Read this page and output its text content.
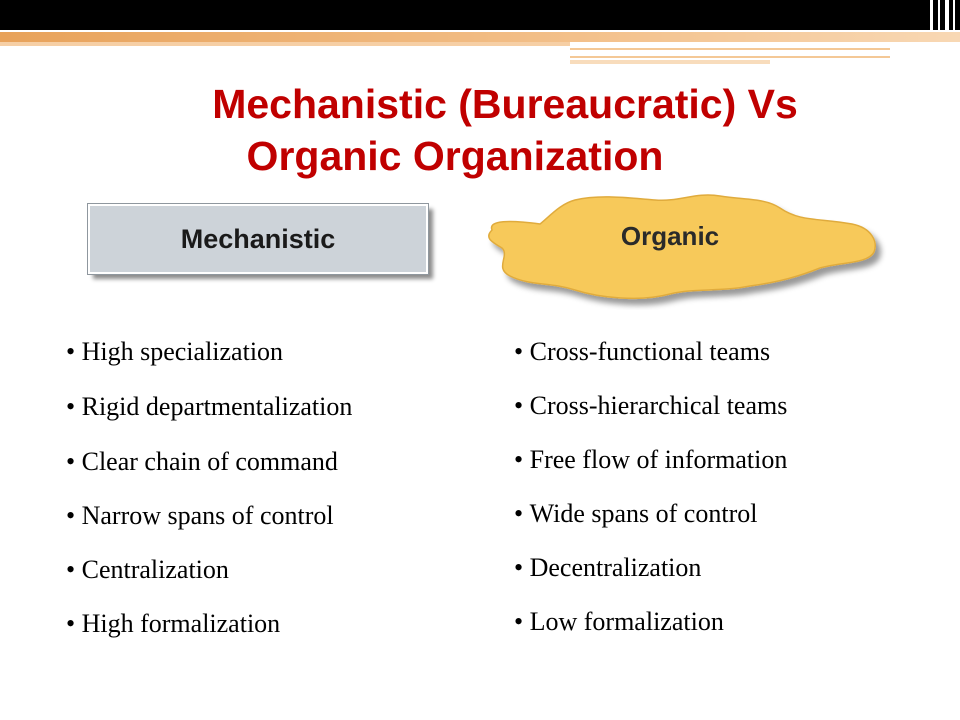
Mechanistic (Bureaucratic) Vs
Organic Organization
Mechanistic	Organic
• High specialization
• Rigid departmentalization
• Clear chain of command
• Narrow spans of control
• Centralization
• High formalization
• Cross-functional teams
• Cross-hierarchical teams
• Free flow of information
• Wide spans of control
• Decentralization
• Low formalization
